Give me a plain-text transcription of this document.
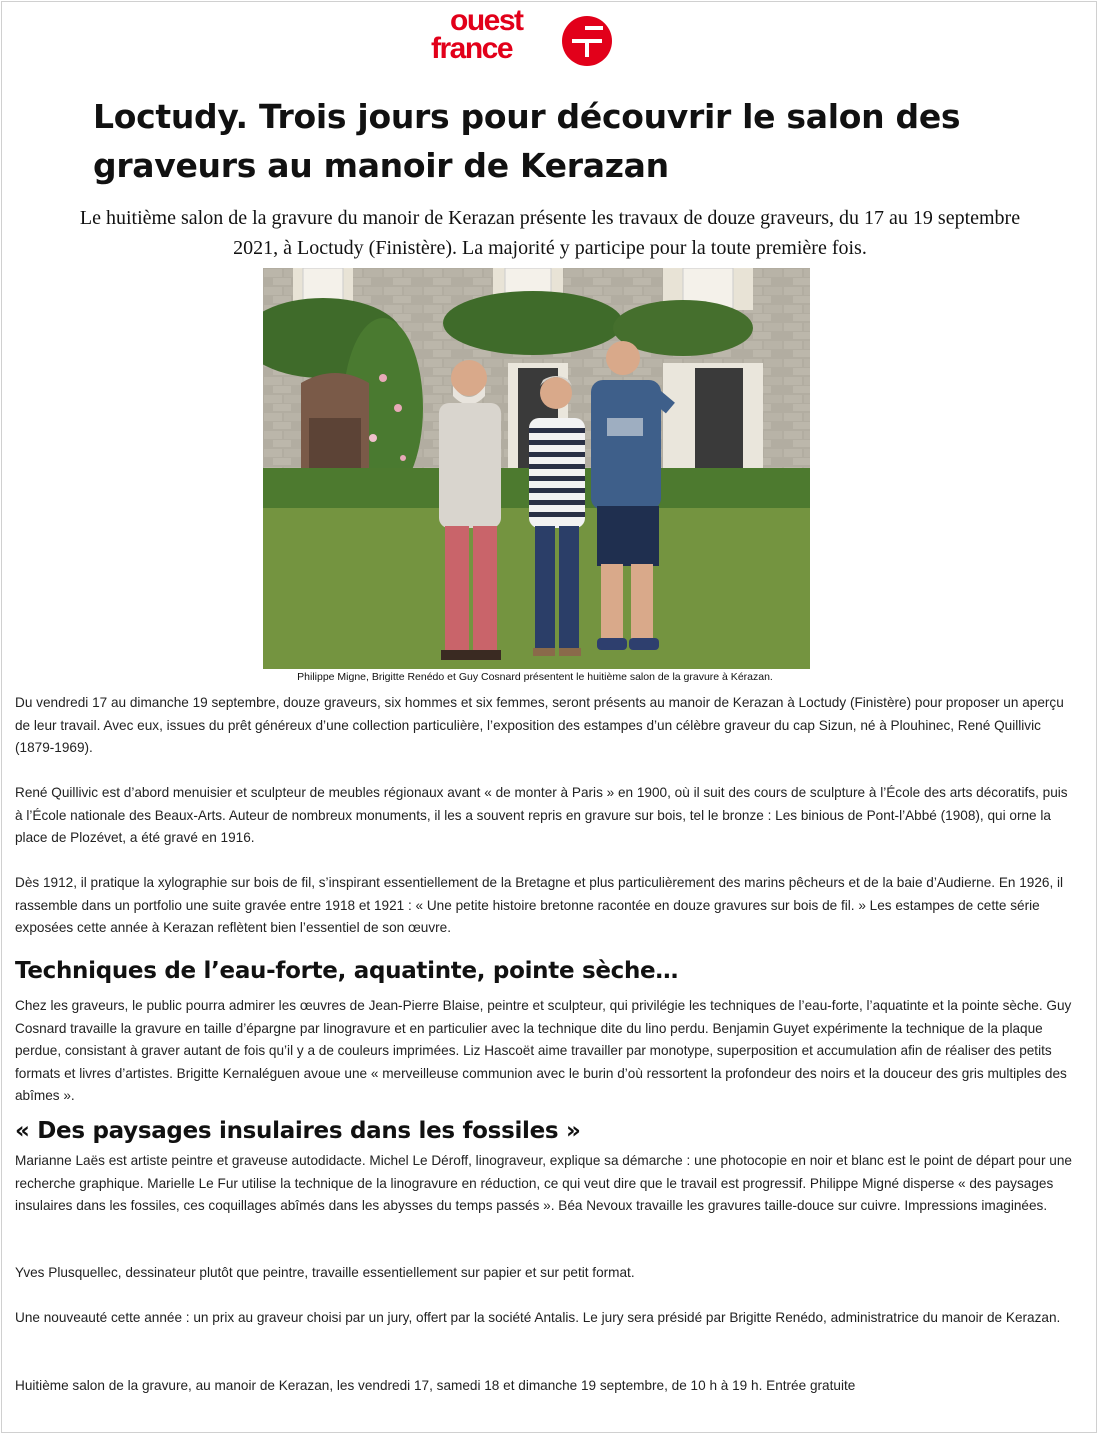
ouest
france
Loctudy. Trois jours pour découvrir le salon des graveurs au manoir de Kerazan

Le huitième salon de la gravure du manoir de Kerazan présente les travaux de douze graveurs, du 17 au 19 septembre 2021, à Loctudy (Finistère). La majorité y participe pour la toute première fois.

Philippe Migne, Brigitte Renédo et Guy Cosnard présentent le huitième salon de la gravure à Kérazan.

Du vendredi 17 au dimanche 19 septembre, douze graveurs, six hommes et six femmes, seront présents au manoir de Kerazan à Loctudy (Finistère) pour proposer un aperçu de leur travail. Avec eux, issues du prêt généreux d’une collection particulière, l’exposition des estampes d’un célèbre graveur du cap Sizun, né à Plouhinec, René Quillivic (1879-1969).

René Quillivic est d’abord menuisier et sculpteur de meubles régionaux avant « de monter à Paris » en 1900, où il suit des cours de sculpture à l’École des arts décoratifs, puis à l’École nationale des Beaux-Arts. Auteur de nombreux monuments, il les a souvent repris en gravure sur bois, tel le bronze : Les binious de Pont-l’Abbé (1908), qui orne la place de Plozévet, a été gravé en 1916.

Dès 1912, il pratique la xylographie sur bois de fil, s’inspirant essentiellement de la Bretagne et plus particulièrement des marins pêcheurs et de la baie d’Audierne. En 1926, il rassemble dans un portfolio une suite gravée entre 1918 et 1921 : « Une petite histoire bretonne racontée en douze gravures sur bois de fil. » Les estampes de cette série exposées cette année à Kerazan reflètent bien l’essentiel de son œuvre.

Techniques de l’eau-forte, aquatinte, pointe sèche…

Chez les graveurs, le public pourra admirer les œuvres de Jean-Pierre Blaise, peintre et sculpteur, qui privilégie les techniques de l’eau-forte, l’aquatinte et la pointe sèche. Guy Cosnard travaille la gravure en taille d’épargne par linogravure et en particulier avec la technique dite du lino perdu. Benjamin Guyet expérimente la technique de la plaque perdue, consistant à graver autant de fois qu’il y a de couleurs imprimées. Liz Hascoët aime travailler par monotype, superposition et accumulation afin de réaliser des petits formats et livres d’artistes. Brigitte Kernaléguen avoue une « merveilleuse communion avec le burin d’où ressortent la profondeur des noirs et la douceur des gris multiples des abîmes ».

« Des paysages insulaires dans les fossiles »

Marianne Laës est artiste peintre et graveuse autodidacte. Michel Le Déroff, linograveur, explique sa démarche : une photocopie en noir et blanc est le point de départ pour une recherche graphique. Marielle Le Fur utilise la technique de la linogravure en réduction, ce qui veut dire que le travail est progressif. Philippe Migné disperse « des paysages insulaires dans les fossiles, ces coquillages abîmés dans les abysses du temps passés ». Béa Nevoux travaille les gravures taille-douce sur cuivre. Impressions imaginées.

Yves Plusquellec, dessinateur plutôt que peintre, travaille essentiellement sur papier et sur petit format.

Une nouveauté cette année : un prix au graveur choisi par un jury, offert par la société Antalis. Le jury sera présidé par Brigitte Renédo, administratrice du manoir de Kerazan.

Huitième salon de la gravure, au manoir de Kerazan, les vendredi 17, samedi 18 et dimanche 19 septembre, de 10 h à 19 h. Entrée gratuite
